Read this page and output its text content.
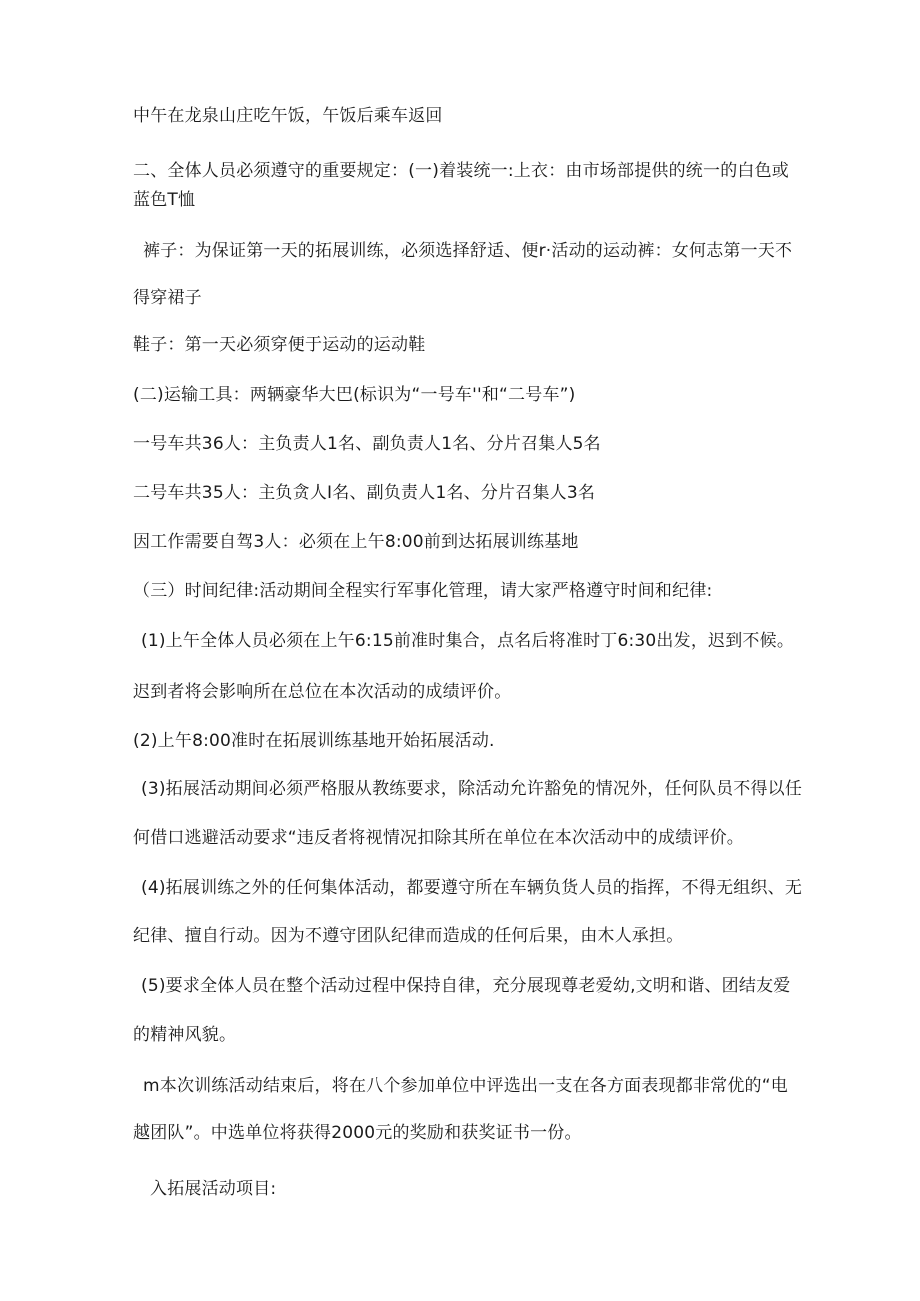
中午在龙泉山庄吃午饭，午饭后乘车返回
二、全体人员必须遵守的重要规定：(一)着装统一:上衣：由市场部提供的统一的白色或
蓝色T恤
裤子：为保证第一天的拓展训练，必须选择舒适、便r·活动的运动裤：女何志第一天不
得穿裙子
鞋子：第一天必须穿便于运动的运动鞋
(二)运输工具：两辆豪华大巴(标识为“一号车''和“二号车”)
一号车共36人：主负责人1名、副负责人1名、分片召集人5名
二号车共35人：主负贪人I名、副负责人1名、分片召集人3名
因工作需要自驾3人：必须在上午8:00前到达拓展训练基地
（三）时间纪律:活动期间全程实行军事化管理，请大家严格遵守时间和纪律:
(1)上午全体人员必须在上午6:15前准时集合，点名后将准时丁6:30出发，迟到不候。
迟到者将会影响所在总位在本次活动的成绩评价。
(2)上午8:00准时在拓展训练基地开始拓展活动.
(3)拓展活动期间必须严格服从教练要求，除活动允许豁免的情况外，任何队员不得以任
何借口逃避活动要求“违反者将视情况扣除其所在单位在本次活动中的成绩评价。
(4)拓展训练之外的任何集体活动，都要遵守所在车辆负货人员的指挥，不得无组织、无
纪律、擅自行动。因为不遵守团队纪律而造成的任何后果，由木人承担。
(5)要求全体人员在整个活动过程中保持自律，充分展现尊老爱幼,文明和谐、团结友爱
的精神风貌。
m本次训练活动结束后，将在八个参加单位中评选出一支在各方面表现都非常优的“电
越团队”。中选单位将获得2000元的奖励和获奖证书一份。
入拓展活动项目:
